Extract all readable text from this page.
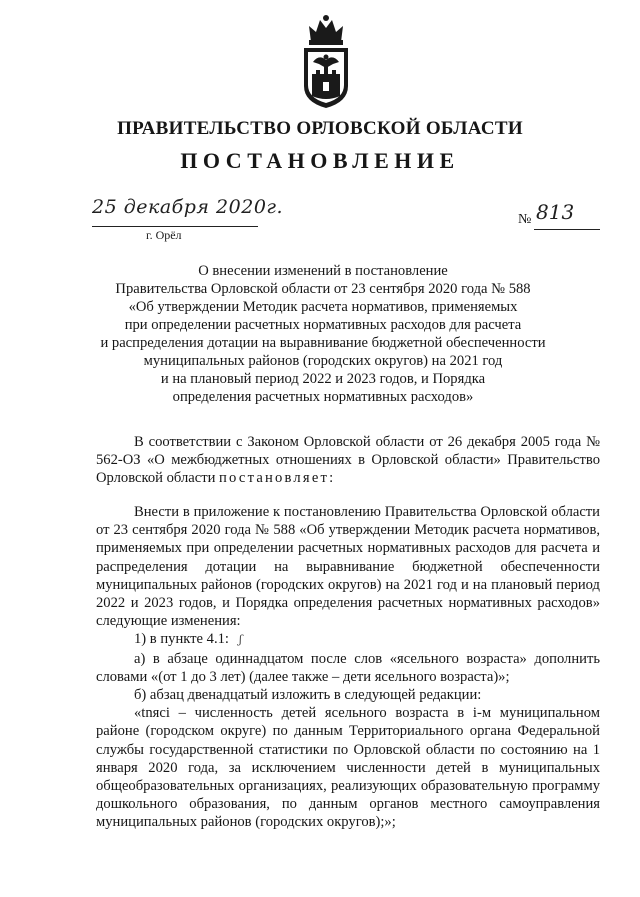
ПРАВИТЕЛЬСТВО ОРЛОВСКОЙ ОБЛАСТИ
ПОСТАНОВЛЕНИЕ
25 декабря 2020г.
г. Орёл
№ 813
О внесении изменений в постановление
Правительства Орловской области от 23 сентября 2020 года № 588
«Об утверждении Методик расчета нормативов, применяемых
при определении расчетных нормативных расходов для расчета
и распределения дотации на выравнивание бюджетной обеспеченности
муниципальных районов (городских округов) на 2021 год
и на плановый период 2022 и 2023 годов, и Порядка
определения расчетных нормативных расходов»

В соответствии с Законом Орловской области от 26 декабря 2005 года № 562-ОЗ «О межбюджетных отношениях в Орловской области» Правительство Орловской области постановляет:

Внести в приложение к постановлению Правительства Орловской области от 23 сентября 2020 года № 588 «Об утверждении Методик расчета нормативов, применяемых при определении расчетных нормативных расходов для расчета и распределения дотации на выравнивание бюджетной обеспеченности муниципальных районов (городских округов) на 2021 год и на плановый период 2022 и 2023 годов, и Порядка определения расчетных нормативных расходов» следующие изменения:

1) в пункте 4.1: ʃ

а) в абзаце одиннадцатом после слов «ясельного возраста» дополнить словами «(от 1 до 3 лет) (далее также – дети ясельного возраста)»;

б) абзац двенадцатый изложить в следующей редакции:

«tnясi – численность детей ясельного возраста в i-м муниципальном районе (городском округе) по данным Территориального органа Федеральной службы государственной статистики по Орловской области по состоянию на 1 января 2020 года, за исключением численности детей в муниципальных общеобразовательных организациях, реализующих образовательную программу дошкольного образования, по данным органов местного самоуправления муниципальных районов (городских округов);»;
